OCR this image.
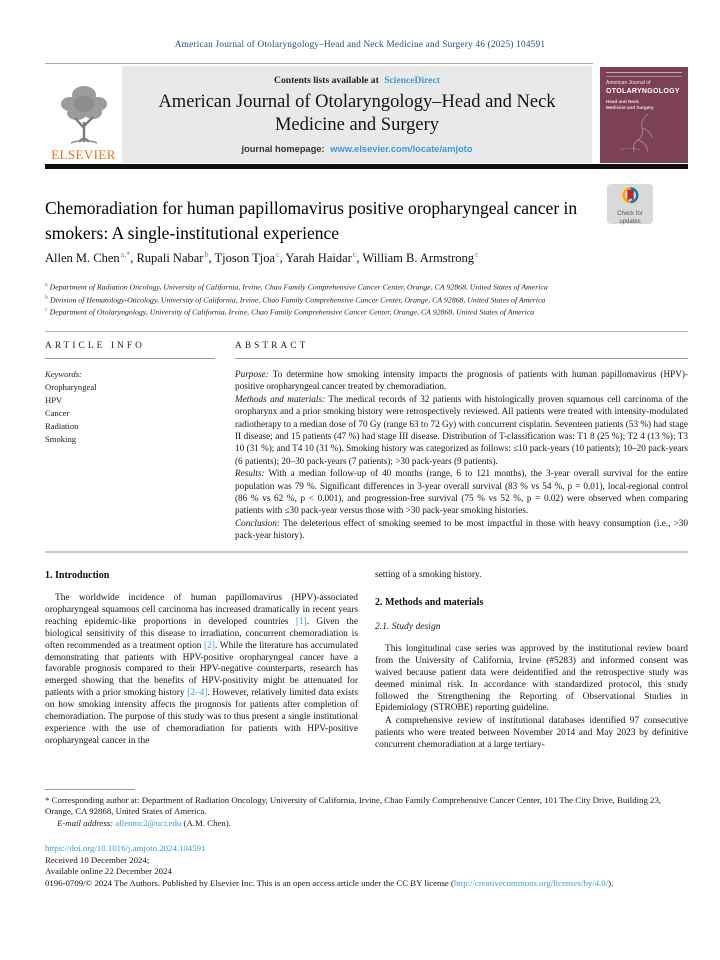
American Journal of Otolaryngology–Head and Neck Medicine and Surgery 46 (2025) 104591
ELSEVIER
Contents lists available at ScienceDirect
American Journal of Otolaryngology–Head and Neck Medicine and Surgery
journal homepage: www.elsevier.com/locate/amjoto
American Journal of
OTOLARYNGOLOGY
Head and Neck
Medicine and Surgery
Chemoradiation for human papillomavirus positive oropharyngeal cancer in smokers: A single-institutional experience
Check for
updates
Allen M. Chen$^{a,*}$, Rupali Nabar$^b$, Tjoson Tjoa$^c$, Yarah Haidar$^c$, William B. Armstrong$^c$
$^a$ Department of Radiation Oncology, University of California, Irvine, Chao Family Comprehensive Cancer Center, Orange, CA 92868, United States of America
$^b$ Division of Hematology-Oncology, University of California, Irvine, Chao Family Comprehensive Cancer Center, Orange, CA 92868, United States of America
$^c$ Department of Otolaryngology, University of California, Irvine, Chao Family Comprehensive Cancer Center, Orange, CA 92868, United States of America
ARTICLE INFO
Keywords:
Oropharyngeal
HPV
Cancer
Radiation
Smoking
ABSTRACT

Purpose: To determine how smoking intensity impacts the prognosis of patients with human papillomavirus (HPV)-positive oropharyngeal cancer treated by chemoradiation.

Methods and materials: The medical records of 32 patients with histologically proven squamous cell carcinoma of the oropharynx and a prior smoking history were retrospectively reviewed. All patients were treated with intensity-modulated radiotherapy to a median dose of 70 Gy (range 63 to 72 Gy) with concurrent cisplatin. Seventeen patients (53 %) had stage II disease; and 15 patients (47 %) had stage III disease. Distribution of T-classification was: T1 8 (25 %); T2 4 (13 %); T3 10 (31 %); and T4 10 (31 %). Smoking history was categorized as follows: ≤10 pack-years (10 patients); 10–20 pack-years (6 patients); 20–30 pack-years (7 patients); >30 pack-years (9 patients).

Results: With a median follow-up of 40 months (range, 6 to 121 months), the 3-year overall survival for the entire population was 79 %. Significant differences in 3-year overall survival (83 % vs 54 %, p = 0.01), local-regional control (86 % vs 62 %, p < 0.001), and progression-free survival (75 % vs 52 %, p = 0.02) were observed when comparing patients with ≤30 pack-year versus those with >30 pack-year smoking histories.

Conclusion: The deleterious effect of smoking seemed to be most impactful in those with heavy consumption (i.e., >30 pack-year history).

1. Introduction

The worldwide incidence of human papillomavirus (HPV)-associated oropharyngeal squamous cell carcinoma has increased dramatically in recent years reaching epidemic-like proportions in developed countries [1]. Given the biological sensitivity of this disease to irradiation, concurrent chemoradiation is often recommended as a treatment option [2]. While the literature has accumulated demonstrating that patients with HPV-positive oropharyngeal cancer have a favorable prognosis compared to their HPV-negative counterparts, research has emerged showing that the benefits of HPV-positivity might be attenuated for patients with a prior smoking history [2–4]. However, relatively limited data exists on how smoking intensity affects the prognosis for patients after completion of chemoradiation. The purpose of this study was to thus present a single institutional experience with the use of chemoradiation for patients with HPV-positive oropharyngeal cancer in the

setting of a smoking history.

2. Methods and materials
2.1. Study design

This longitudinal case series was approved by the institutional review board from the University of California, Irvine (#5283) and informed consent was waived because patient data were deidentified and the retrospective study was deemed minimal risk. In accordance with standardized protocol, this study followed the Strengthening the Reporting of Observational Studies in Epidemiology (STROBE) reporting guideline.

A comprehensive review of institutional databases identified 97 consecutive patients who were treated between November 2014 and May 2023 by definitive concurrent chemoradiation at a large tertiary-

* Corresponding author at: Department of Radiation Oncology, University of California, Irvine, Chao Family Comprehensive Cancer Center, 101 The City Drive, Building 23, Orange, CA 92868, United States of America.
E-mail address: allenmc2@uci.edu (A.M. Chen).
https://doi.org/10.1016/j.amjoto.2024.104591
Received 10 December 2024;
Available online 22 December 2024
0196-0709/© 2024 The Authors. Published by Elsevier Inc. This is an open access article under the CC BY license (http://creativecommons.org/licenses/by/4.0/).
